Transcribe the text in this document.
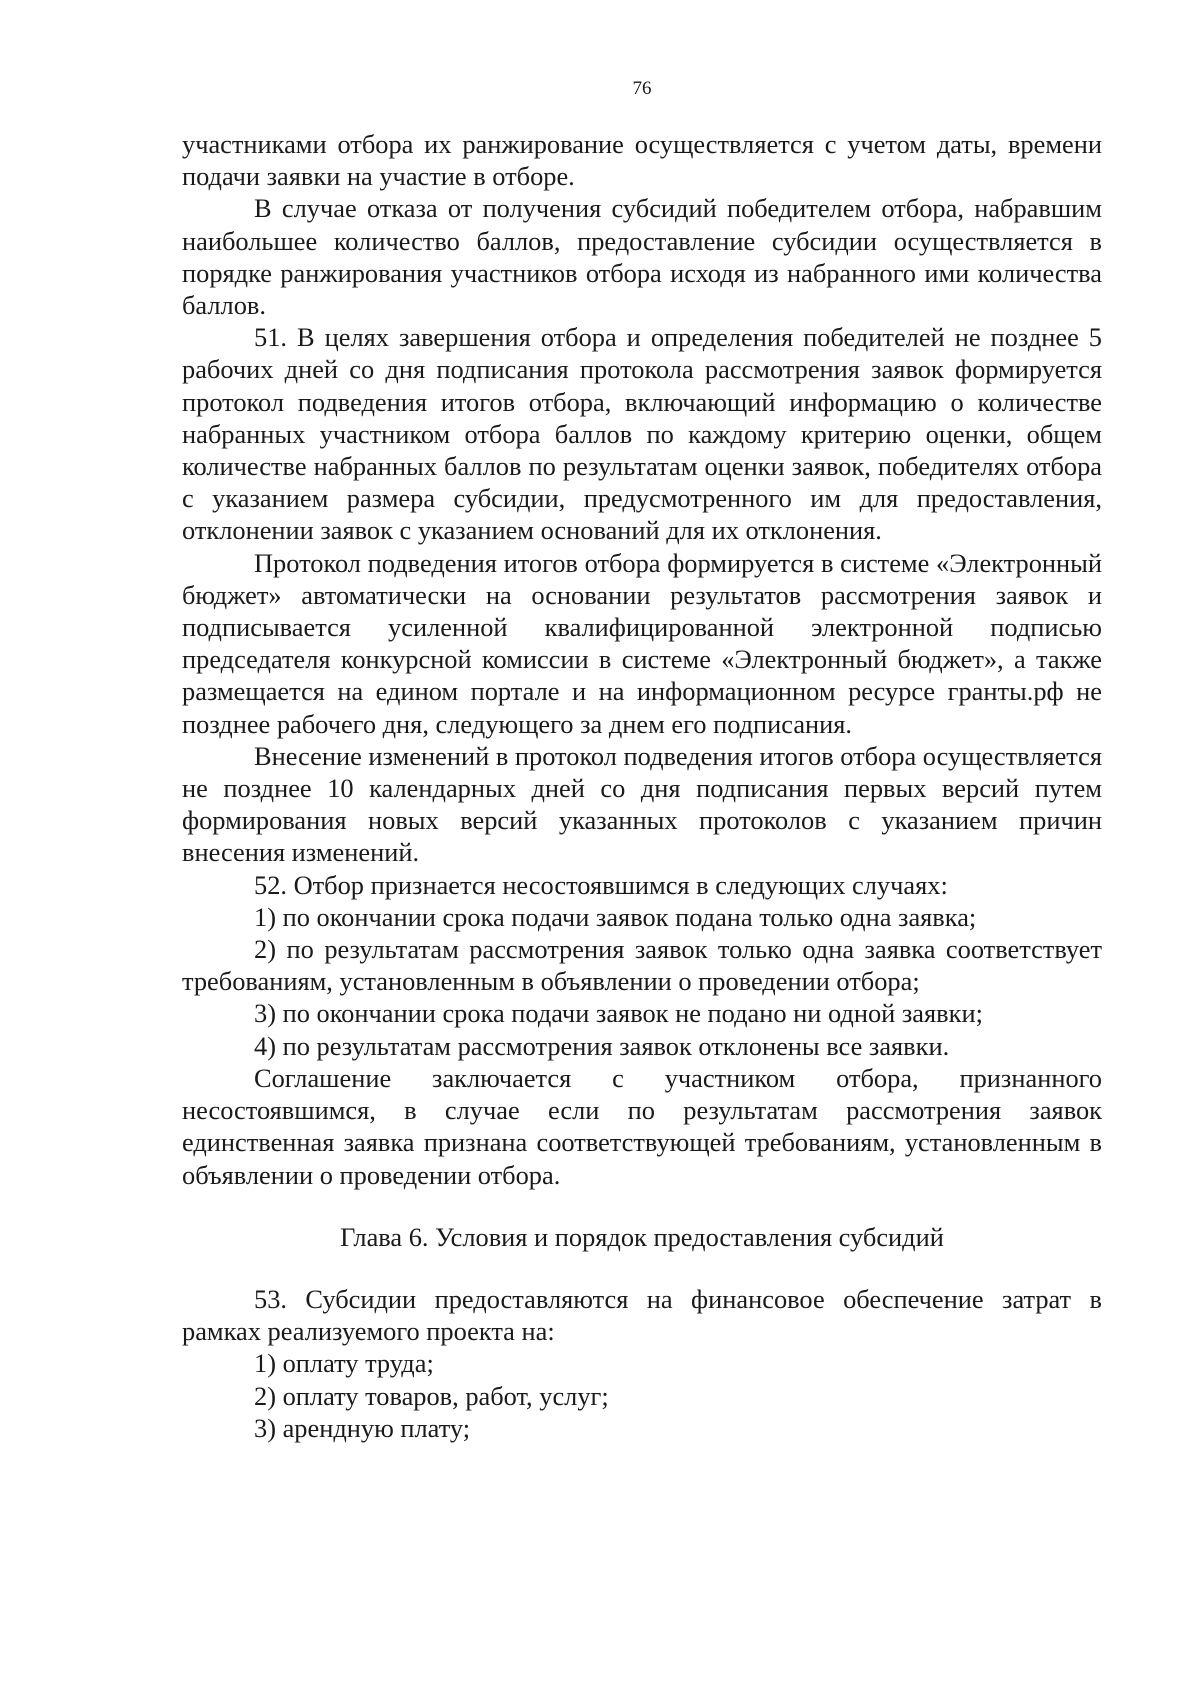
76

участниками отбора их ранжирование осуществляется с учетом даты, времени подачи заявки на участие в отборе.

В случае отказа от получения субсидий победителем отбора, набравшим наибольшее количество баллов, предоставление субсидии осуществляется в порядке ранжирования участников отбора исходя из набранного ими количества баллов.

51. В целях завершения отбора и определения победителей не позднее 5 рабочих дней со дня подписания протокола рассмотрения заявок формируется протокол подведения итогов отбора, включающий информацию о количестве набранных участником отбора баллов по каждому критерию оценки, общем количестве набранных баллов по результатам оценки заявок, победителях отбора с указанием размера субсидии, предусмотренного им для предоставления, отклонении заявок с указанием оснований для их отклонения.

Протокол подведения итогов отбора формируется в системе «Электронный бюджет» автоматически на основании результатов рассмотрения заявок и подписывается усиленной квалифицированной электронной подписью председателя конкурсной комиссии в системе «Электронный бюджет», а также размещается на едином портале и на информационном ресурсе гранты.рф не позднее рабочего дня, следующего за днем его подписания.

Внесение изменений в протокол подведения итогов отбора осуществляется не позднее 10 календарных дней со дня подписания первых версий путем формирования новых версий указанных протоколов с указанием причин внесения изменений.

52. Отбор признается несостоявшимся в следующих случаях:

1) по окончании срока подачи заявок подана только одна заявка;

2) по результатам рассмотрения заявок только одна заявка соответствует требованиям, установленным в объявлении о проведении отбора;

3) по окончании срока подачи заявок не подано ни одной заявки;

4) по результатам рассмотрения заявок отклонены все заявки.

Соглашение заключается с участником отбора, признанного несостоявшимся, в случае если по результатам рассмотрения заявок единственная заявка признана соответствующей требованиям, установленным в объявлении о проведении отбора.

Глава 6. Условия и порядок предоставления субсидий

53. Субсидии предоставляются на финансовое обеспечение затрат в рамках реализуемого проекта на:

1) оплату труда;

2) оплату товаров, работ, услуг;

3) арендную плату;
